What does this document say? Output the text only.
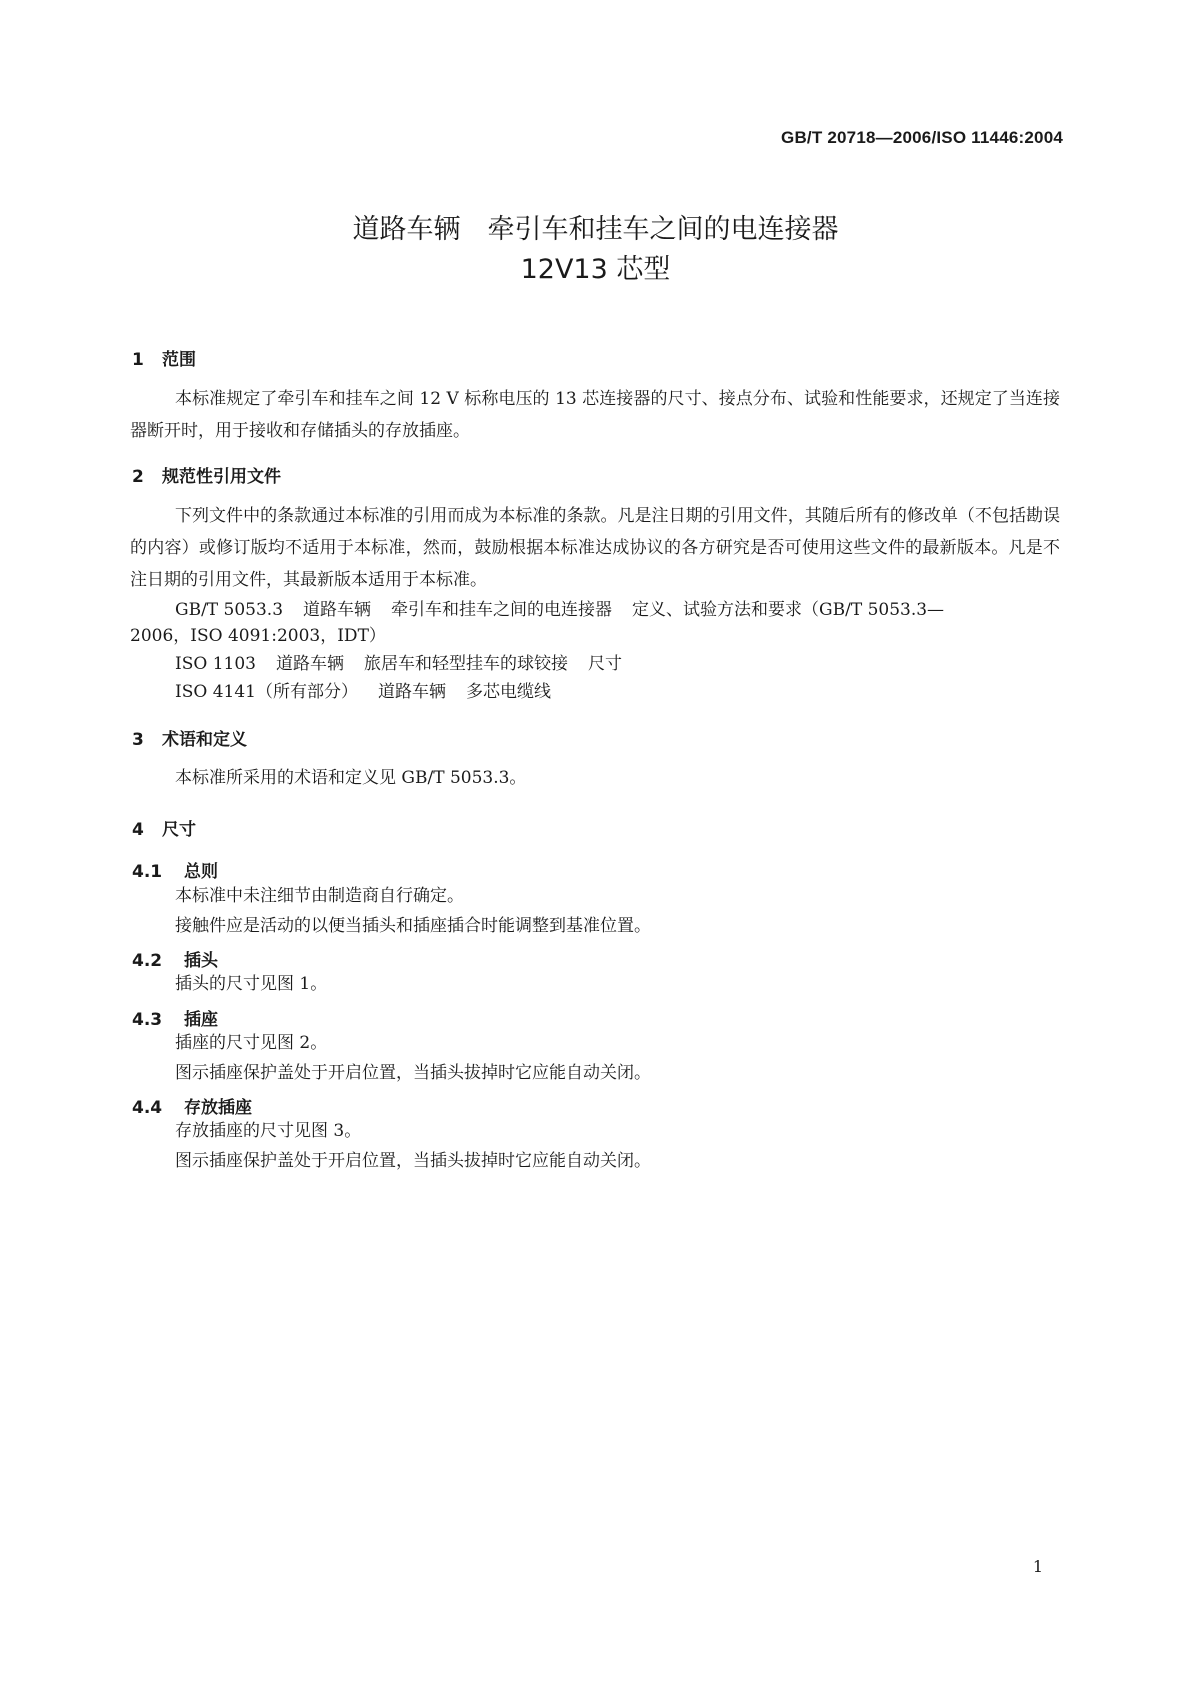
GB/T 20718—2006/ISO 11446:2004
道路车辆　牵引车和挂车之间的电连接器
12V13 芯型
1 范围
本标准规定了牵引车和挂车之间 12 V 标称电压的 13 芯连接器的尺寸、接点分布、试验和性能要求，还规定了当连接器断开时，用于接收和存储插头的存放插座。
2 规范性引用文件
下列文件中的条款通过本标准的引用而成为本标准的条款。凡是注日期的引用文件，其随后所有的修改单（不包括勘误的内容）或修订版均不适用于本标准，然而，鼓励根据本标准达成协议的各方研究是否可使用这些文件的最新版本。凡是不注日期的引用文件，其最新版本适用于本标准。
GB/T 5053.3 道路车辆 牵引车和挂车之间的电连接器 定义、试验方法和要求（GB/T 5053.3—
2006，ISO 4091:2003，IDT）
ISO 1103 道路车辆 旅居车和轻型挂车的球铰接 尺寸
ISO 4141（所有部分） 道路车辆 多芯电缆线
3 术语和定义
本标准所采用的术语和定义见 GB/T 5053.3。
4 尺寸
4.1 总则
本标准中未注细节由制造商自行确定。
接触件应是活动的以便当插头和插座插合时能调整到基准位置。
4.2 插头
插头的尺寸见图 1。
4.3 插座
插座的尺寸见图 2。
图示插座保护盖处于开启位置，当插头拔掉时它应能自动关闭。
4.4 存放插座
存放插座的尺寸见图 3。
图示插座保护盖处于开启位置，当插头拔掉时它应能自动关闭。
1
